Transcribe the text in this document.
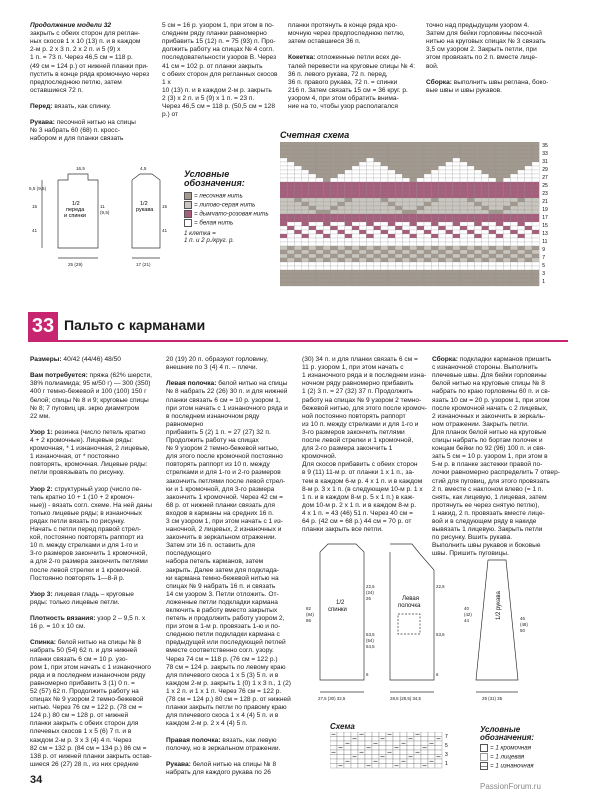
Продолжение модели 32

закрыть с обеих сторон для реглан-
ных скосов 1 х 10 (13) п. и в каждом
2-м р. 2 х 3 п. 2 х 2 п. и 5 (9) х
1 п. = 73 п. Через 46,5 см = 118 р.
(49 см = 124 р.) от нижней планки при-
пустить в конце ряда кромочную через
предпоследнюю петлю, затем оставшиеся 72 п.

Перед: вязать, как спинку.

Рукава: песочной нитью на спицы
№ 3 набрать 60 (68) п. кросс-
набором и для планки связать

5 см = 16 р. узором 1, при этом в по-
следнем ряду планки равномерно
прибавить 15 (12) п. = 75 (93) п. Про-
должить работу на спицах № 4 согл.
последовательности узоров В. Через
41 см = 102 р. от планки закрыть
с обеих сторон для регланных скосов 1 х
10 (13) п. и в каждом 2-м р. закрыть
2 (3) х 2 п. и 5 (9) х 1 п. = 23 п.
Через 46,5 см = 118 р. (50,5 см = 128 р.) от

планки протянуть в конце ряда кро-
мочную через предпоследнюю петлю,
затем оставшиеся 36 п.

Кокетка: отложенные петли всех де-
талей перевести на круговые спицы № 4:
36 п. левого рукава, 72 п. перед,
36 п. правого рукава, 72 п. = спинки
216 п. Затем связать 15 см = 36 круг. р.
узором 4, при этом обратить внима-
ние на то, чтобы узор располагался

точно над предыдущим узором 4.
Затем для бейки горловины песочной
нитью на круговых спицах № 3 связать
3,5 см узором 2. Закрыть петли, при
этом провязать по 2 п. вместе лице-
вой.

Сборка: выполнить швы реглана, боко-
вые швы и швы рукавов.

1/2 переда и спинки
1/2 рукава
16,5
5,5 (9,5)
15
41
25 (29)
11
(9,5)
4,5
15
41
17 (21)
Условные
обозначения:
= песочная нить
= липово-серая нить
= дымчато-розовая нить
= белая нить
1 клетка =
1 п. и 2 р./круг. р.
Счетная схема
35
33
31
29
27
25
23
21
19
17
15
13
11
9
7
5
3
1
33 Пальто с карманами

Размеры: 40/42 (44/46) 48/50

Вам потребуется: пряжа (62% шерсти,
38% полиамида; 95 м/50 г) — 300 (350)
400 г темно-бежевой и 100 (100) 150 г
белой; спицы № 8 и 9; круговые спицы
№ 8; 7 пуговиц цв. экрю диаметром
22 мм.

Узор 1: резинка (число петель кратно
4 + 2 кромочные). Лицевые ряды:
кромочная, * 1 изнаночная, 2 лицевые,
1 изнаночная, от * постоянно
повторять, кромочная. Лицевые ряды:
петли провязывать по рисунку.

Узор 2: структурный узор (число пе-
тель кратно 10 + 1 (10 + 2 кромоч-
ные)) - вязать согл. схеме. На ней даны
только лицевые ряды; в изнаночных
рядах петли вязать по рисунку.
Начать с петли перед правой стрел-
кой, постоянно повторять раппорт из
10 п. между стрелками и для 1-го и
3-го размеров закончить 1 кромочной,
а для 2-го размера закончить петлями
после левой стрелки и 1 кромочной.
Постоянно повторять 1—8-й р.

Узор 3: лицевая гладь – круговые
ряды: только лицевые петли.

Плотность вязания: узор 2 – 9,5 п. х
16 р. = 10 х 10 см.

Спинка: белой нитью на спицы № 8
набрать 50 (54) 62 п. и для нижней
планки связать 6 см = 10 р. узо-
ром 1, при этом начать с 1 изнаночного
ряда и в последнем изнаночном ряду
равномерно прибавить 3 (1) 0 п. =
52 (57) 62 п. Продолжить работу на
спицах № 9 узором 2 темно-бежевой
нитью. Через 76 см = 122 р. (78 см =
124 р.) 80 см = 128 р. от нижней
планки закрыть с обеих сторон для
плечевых скосов 1 х 5 (6) 7 п. и в
каждом 2-м р. 3 х 3 (4) 4 п. Через
82 см = 132 р. (84 см = 134 р.) 86 см =
138 р. от нижней планки закрыть остав-
шиеся 26 (27) 28 п., из них средние

20 (19) 20 п. образуют горловину,
внешние по 3 (4) 4 п. – плечи.

Левая полочка: белой нитью на спицы
№ 8 набрать 22 (26) 30 п. и для нижней
планки связать 6 см = 10 р. узором 1,
при этом начать с 1 изнаночного ряда и
в последнем изнаночном ряду равномерно
прибавить 5 (2) 1 п. = 27 (27) 32 п.
Продолжить работу на спицах
№ 9 узором 2 темно-бежевой нитью,
для этого после кромочной постоянно
повторять раппорт из 10 п. между
стрелками и для 1-го и 2-го размеров
закончить петлями после левой стрел-
ки и 1 кромочной, для 3-го размера
закончить 1 кромочной. Через 42 см =
68 р. от нижней планки связать для
входов в карманы на средних 16 п.
3 см узором 1, при этом начать с 1 из-
наночной, 2 лицевых, 2 изнаночных и
закончить в зеркальном отражении.
Затем эти 16 п. оставить для последующего
набора петель карманов, затем
закрыть. Далее затем для подклада-
ки кармана темно-бежевой нитью на
спицах № 9 набрать 16 п. и связать
14 см узором 3. Петли отложить. От-
ложенные петли подкладки кармана
включить в работу вместо закрытых
петель и продолжить работу узором 2,
при этом в 1-м р. провязать 1-ю и по-
следнюю петли подкладки кармана с
предыдущей или последующей петлей
вместе соответственно согл. узору.
Через 74 см = 118 р. (76 см = 122 р.)
78 см = 124 р. закрыть по левому краю
для плечевого скоса 1 х 5 (3) 5 п. и в
каждом 2-м р. закрыть 1 (0) 1 х 3 п., 1 (2)
1 х 2 п. и 1 х 1 п. Через 76 см = 122 р.
(78 см = 124 р.) 80 см = 128 р. от нижней
планки закрыть петли по правому краю
для плечевого скоса 1 х 4 (4) 5 п. и в
каждом 2-м р. 2 х 4 (4) 5 п.

Правая полочка: вязать, как левую
полочку, но в зеркальном отражении.

Рукава: белой нитью на спицы № 8
набрать для каждого рукава по 26

(30) 34 п. и для планки связать 6 см =
11 р. узором 1, при этом начать с
1 изнаночного ряда и в последнем изна-
ночном ряду равномерно прибавить
1 (2) 3 п. = 27 (32) 37 п. Продолжить
работу на спицах № 9 узором 2 темно-
бежевой нитью, для этого после кромоч-
ной постоянно повторять раппорт
из 10 п. между стрелками и для 1-го и
3-го размеров закончить петлями
после левой стрелки и 1 кромочной,
для 2-го размера закончить 1 кромочной.
Для скосов прибавить с обеих сторон
в 9 (11) 11-м р. от планки 1 х 1 п., за-
тем в каждом 6-м р. 4 х 1 п. и в каждом
8-м р. 3 х 1 п. (в следующем 10-м р. 1 х
1 п. и в каждом 8-м р. 5 х 1 п.) в каж-
дом 10-м р. 2 х 1 п. и в каждом 8-м р.
4 х 1 п. = 43 (46) 51 п. Через 40 см =
64 р. (42 см = 68 р.) 44 см = 70 р. от
планки закрыть все петли.

Сборка: подкладки карманов пришить
с изнаночной стороны. Выполнить
плечевые швы. Для бейки горловины
белой нитью на круговые спицы № 8
набрать по краю горловины 60 п. и св-
язать 10 см = 20 р. узором 1, при этом
после кромочной начать с 2 лицевых,
2 изнаночных и закончить в зеркаль-
ном отражении. Закрыть петли.
Для планок белой нитью на круговые
спицы набрать по бортам полочек и
концам бейки по 92 (96) 100 п. и свя-
зать 5 см = 10 р. узором 1, при этом в
5-м р. в планке застежки правой по-
лочки равномерно распределить 7 отвер-
стий для пуговиц, для этого провязать
2 п. вместе с наклоном влево (= 1 п.
снять, как лицевую, 1 лицевая, затем
протянуть ее через снятую петлю),
1 накид, 2 п. провязать вместе лице-
вой и в следующем ряду в накиде
вывязать 1 лицевую. Закрыть петли
по рисунку. Вшить рукава.
Выполнить швы рукавов и боковые
швы. Пришить пуговицы.

1/2 спинки
Левая полочка	1/2 рукава
82
(84)
86
22,5
(24)
26
53,5
(54)
54,5
6
22,5
53,5
6
27,5 (30) 32,5	28,5 (28,5) 34,5
40
(42)
44	46
(48)
50
29 (31) 35
Схема
7
5
3
1
Условные
обозначения:
= 1 кромочная
= 1 лицевая
— = 1 изнаночная
34
PassionForum.ru
